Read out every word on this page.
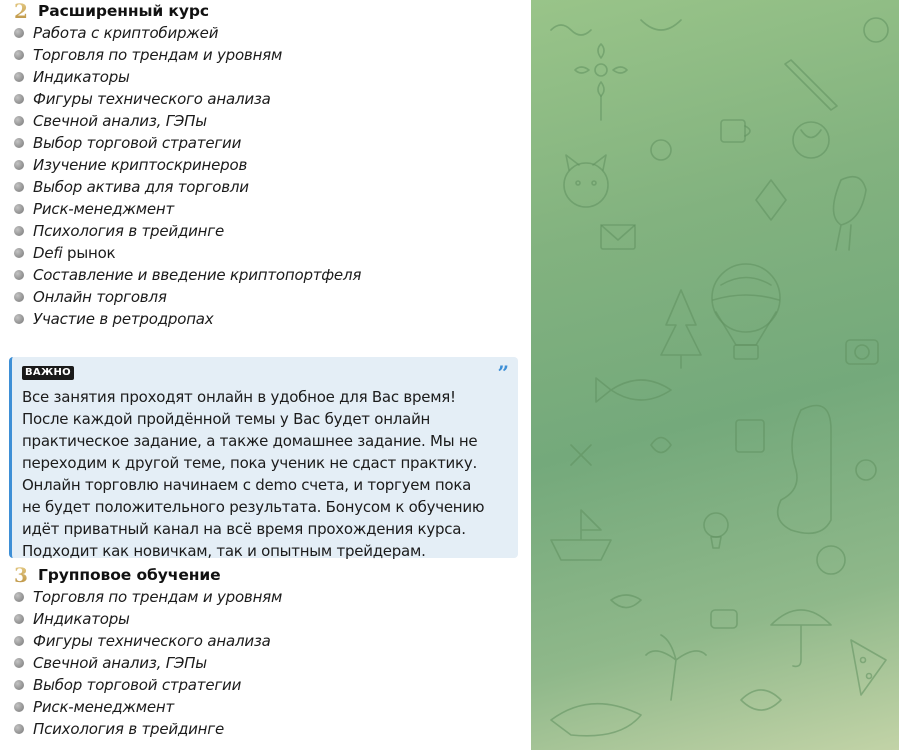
2 Расширенный курс
Работа с криптобиржей
Торговля по трендам и уровням
Индикаторы
Фигуры технического анализа
Свечной анализ, ГЭПы
Выбор торговой стратегии
Изучение криптоскринеров
Выбор актива для торговли
Риск-менеджмент
Психология в трейдинге
Defi рынок
Составление и введение криптопортфеля
Онлайн торговля
Участие в ретродропах
ВАЖНО	”
Все занятия проходят онлайн в удобное для Вас время!
После каждой пройдённой темы у Вас будет онлайн
практическое задание, а также домашнее задание. Мы не
переходим к другой теме, пока ученик не сдаст практику.
Онлайн торговлю начинаем с demo счета, и торгуем пока
не будет положительного результата. Бонусом к обучению
идёт приватный канал на всё время прохождения курса.
Подходит как новичкам, так и опытным трейдерам.
3 Групповое обучение
Торговля по трендам и уровням
Индикаторы
Фигуры технического анализа
Свечной анализ, ГЭПы
Выбор торговой стратегии
Риск-менеджмент
Психология в трейдинге
